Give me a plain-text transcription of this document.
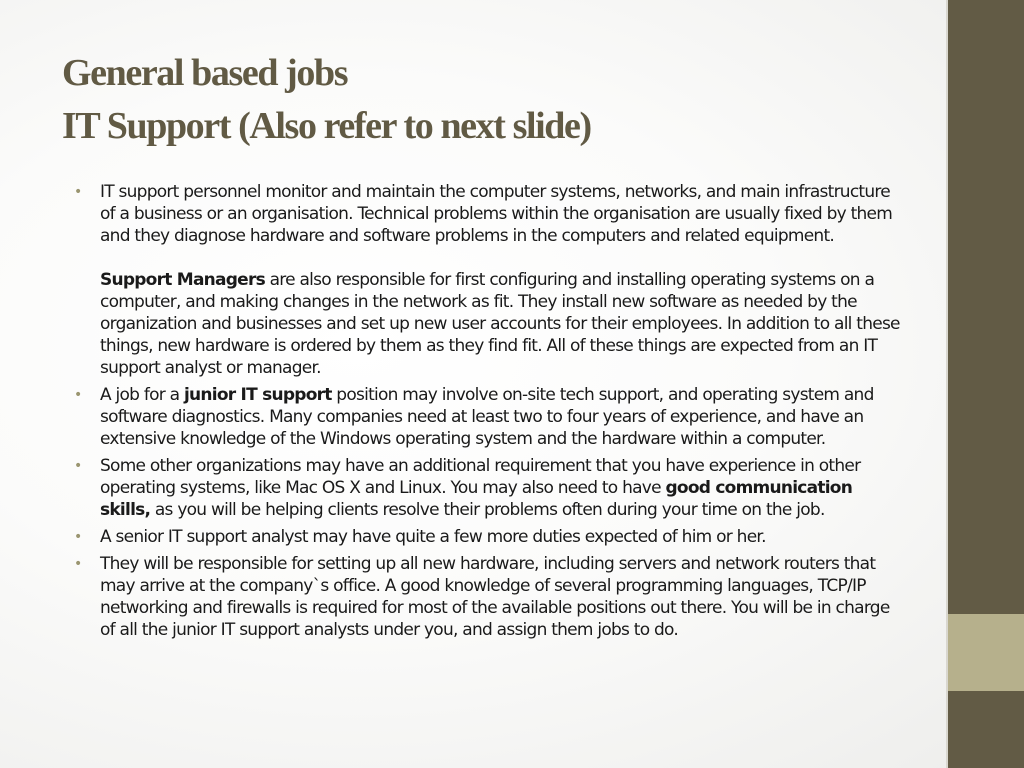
General based jobs
IT Support (Also refer to next slide)
• IT support personnel monitor and maintain the computer systems, networks, and main infrastructure of a business or an organisation. Technical problems within the organisation are usually fixed by them and they diagnose hardware and software problems in the computers and related equipment.
Support Managers are also responsible for first configuring and installing operating systems on a computer, and making changes in the network as fit. They install new software as needed by the organization and businesses and set up new user accounts for their employees. In addition to all these things, new hardware is ordered by them as they find fit. All of these things are expected from an IT support analyst or manager.
• A job for a junior IT support position may involve on-site tech support, and operating system and software diagnostics. Many companies need at least two to four years of experience, and have an extensive knowledge of the Windows operating system and the hardware within a computer.
• Some other organizations may have an additional requirement that you have experience in other operating systems, like Mac OS X and Linux. You may also need to have good communication skills, as you will be helping clients resolve their problems often during your time on the job.
• A senior IT support analyst may have quite a few more duties expected of him or her.
• They will be responsible for setting up all new hardware, including servers and network routers that may arrive at the company`s office. A good knowledge of several programming languages, TCP/IP networking and firewalls is required for most of the available positions out there. You will be in charge of all the junior IT support analysts under you, and assign them jobs to do.
